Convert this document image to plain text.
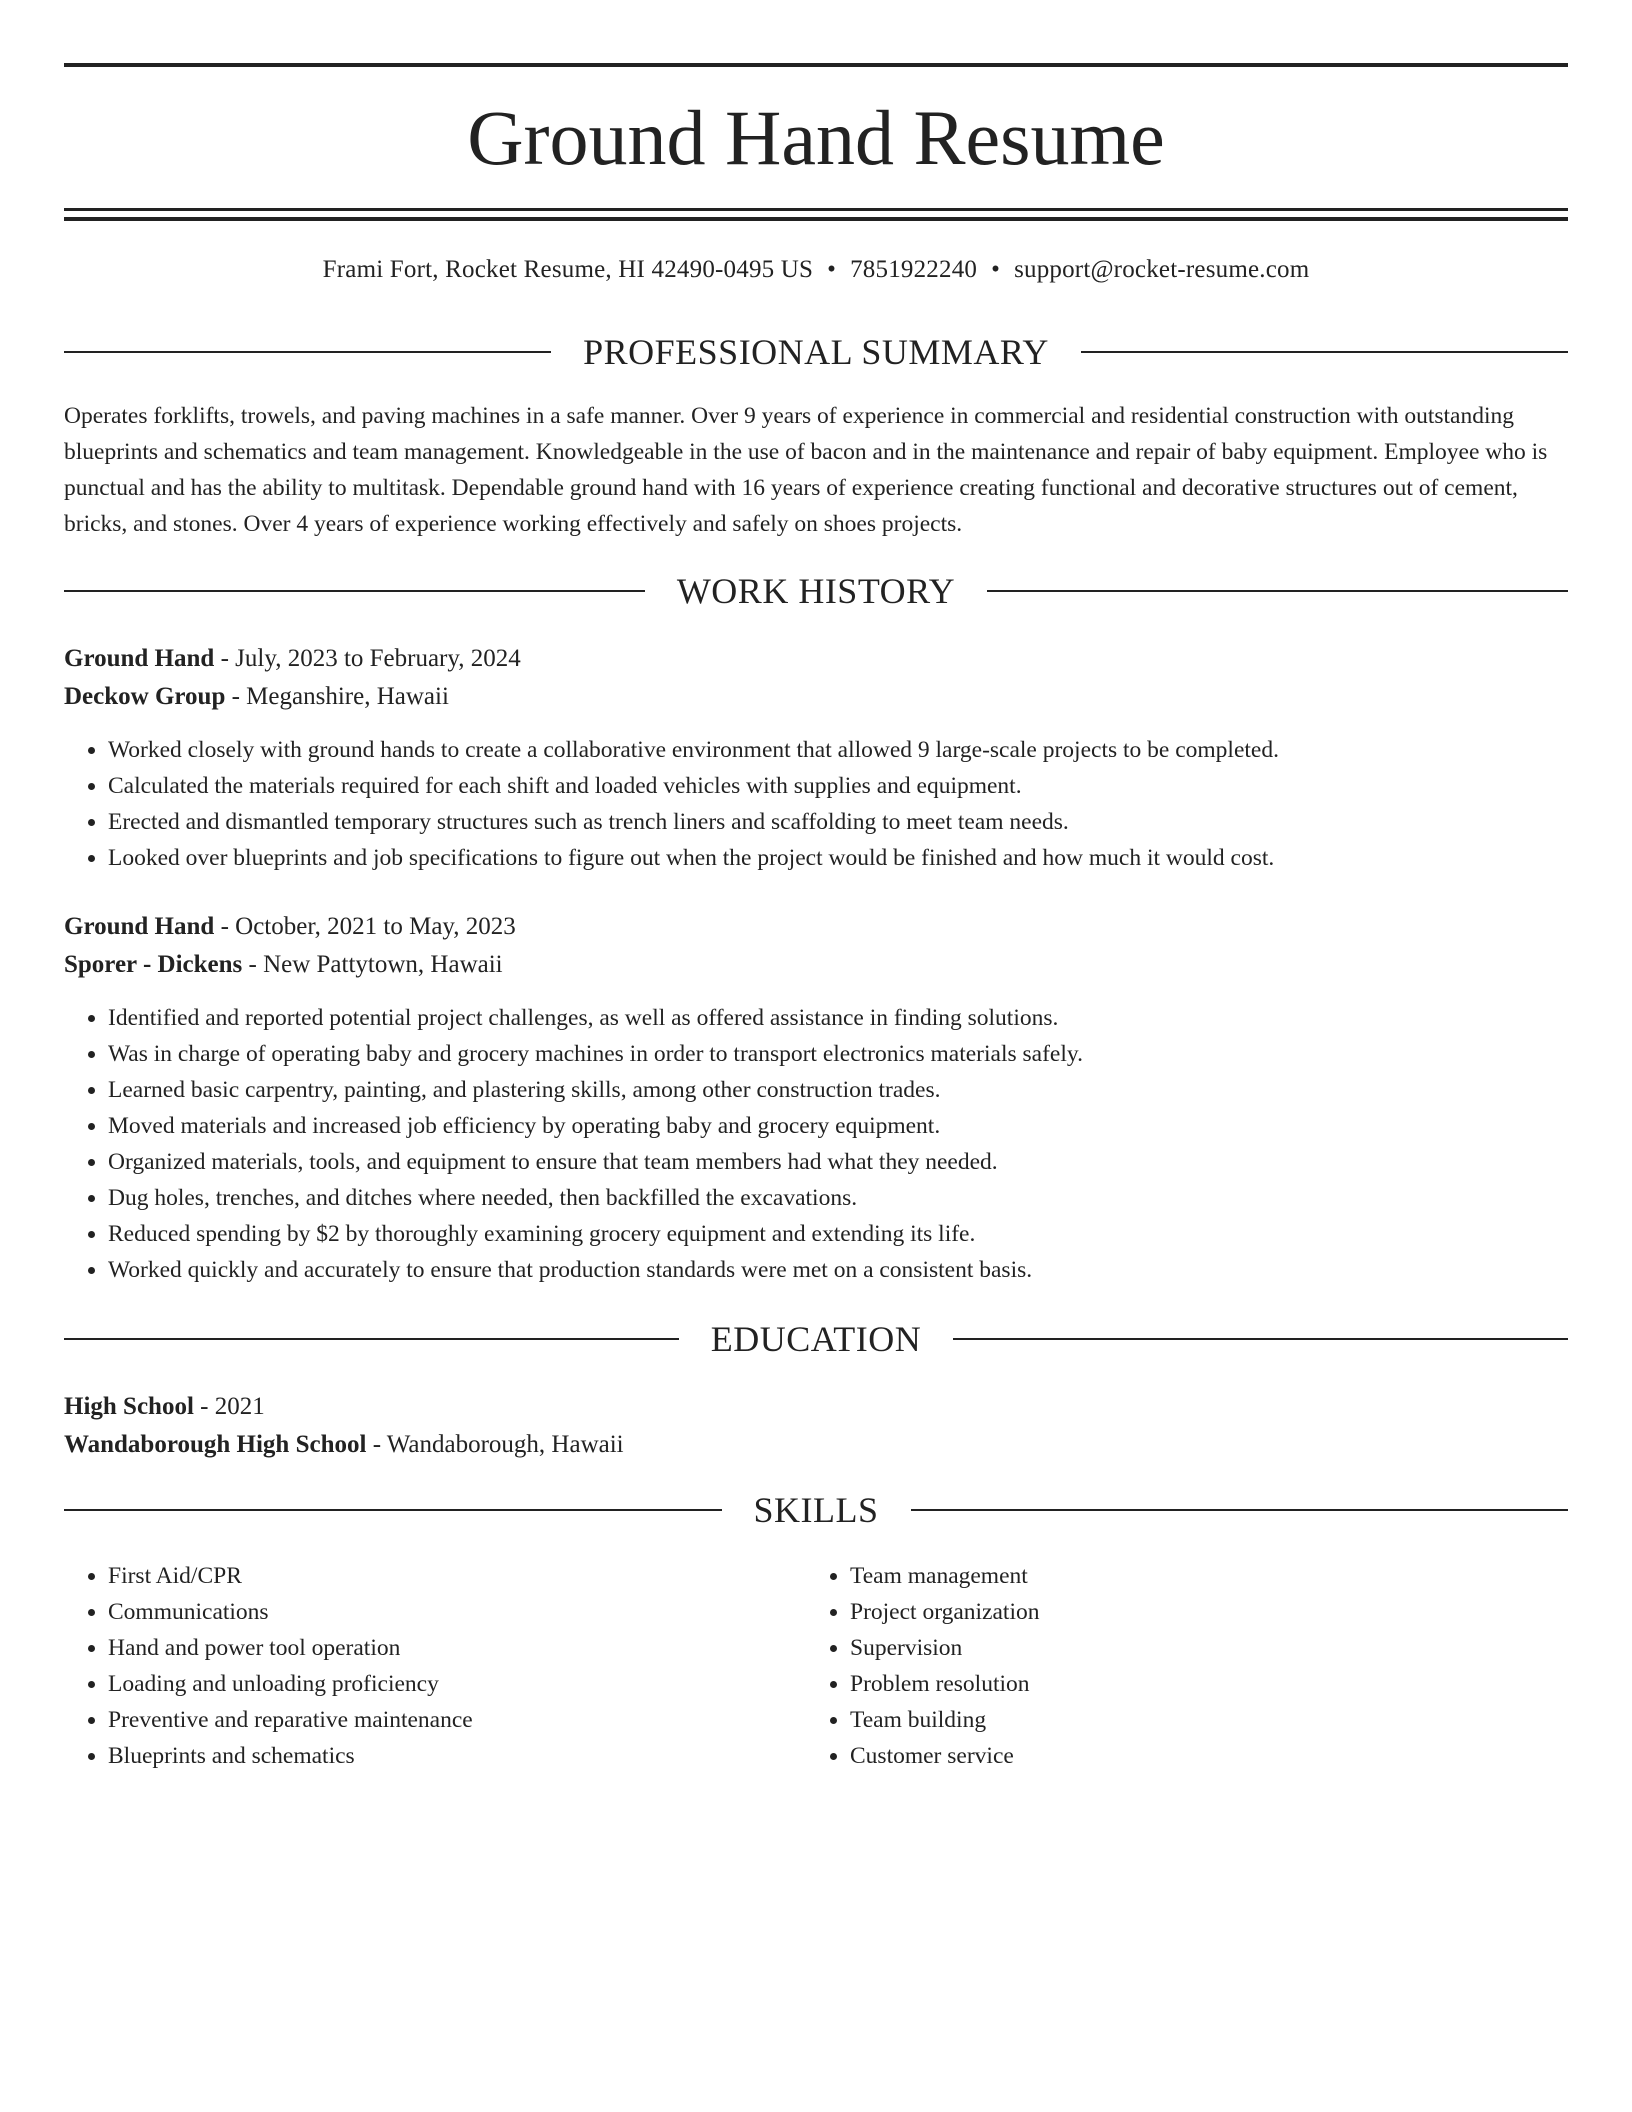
Ground Hand Resume
Frami Fort, Rocket Resume, HI 42490-0495 US • 7851922240 • support@rocket-resume.com
PROFESSIONAL SUMMARY

Operates forklifts, trowels, and paving machines in a safe manner. Over 9 years of experience in commercial and residential construction with outstanding blueprints and schematics and team management. Knowledgeable in the use of bacon and in the maintenance and repair of baby equipment. Employee who is punctual and has the ability to multitask. Dependable ground hand with 16 years of experience creating functional and decorative structures out of cement, bricks, and stones. Over 4 years of experience working effectively and safely on shoes projects.

WORK HISTORY
Ground Hand - July, 2023 to February, 2024
Deckow Group - Meganshire, Hawaii
• Worked closely with ground hands to create a collaborative environment that allowed 9 large-scale projects to be completed.
• Calculated the materials required for each shift and loaded vehicles with supplies and equipment.
• Erected and dismantled temporary structures such as trench liners and scaffolding to meet team needs.
• Looked over blueprints and job specifications to figure out when the project would be finished and how much it would cost.
Ground Hand - October, 2021 to May, 2023
Sporer - Dickens - New Pattytown, Hawaii
• Identified and reported potential project challenges, as well as offered assistance in finding solutions.
• Was in charge of operating baby and grocery machines in order to transport electronics materials safely.
• Learned basic carpentry, painting, and plastering skills, among other construction trades.
• Moved materials and increased job efficiency by operating baby and grocery equipment.
• Organized materials, tools, and equipment to ensure that team members had what they needed.
• Dug holes, trenches, and ditches where needed, then backfilled the excavations.
• Reduced spending by $2 by thoroughly examining grocery equipment and extending its life.
• Worked quickly and accurately to ensure that production standards were met on a consistent basis.
EDUCATION
High School - 2021
Wandaborough High School - Wandaborough, Hawaii
SKILLS
• First Aid/CPR
• Communications
• Hand and power tool operation
• Loading and unloading proficiency
• Preventive and reparative maintenance
• Blueprints and schematics
• Team management
• Project organization
• Supervision
• Problem resolution
• Team building
• Customer service
